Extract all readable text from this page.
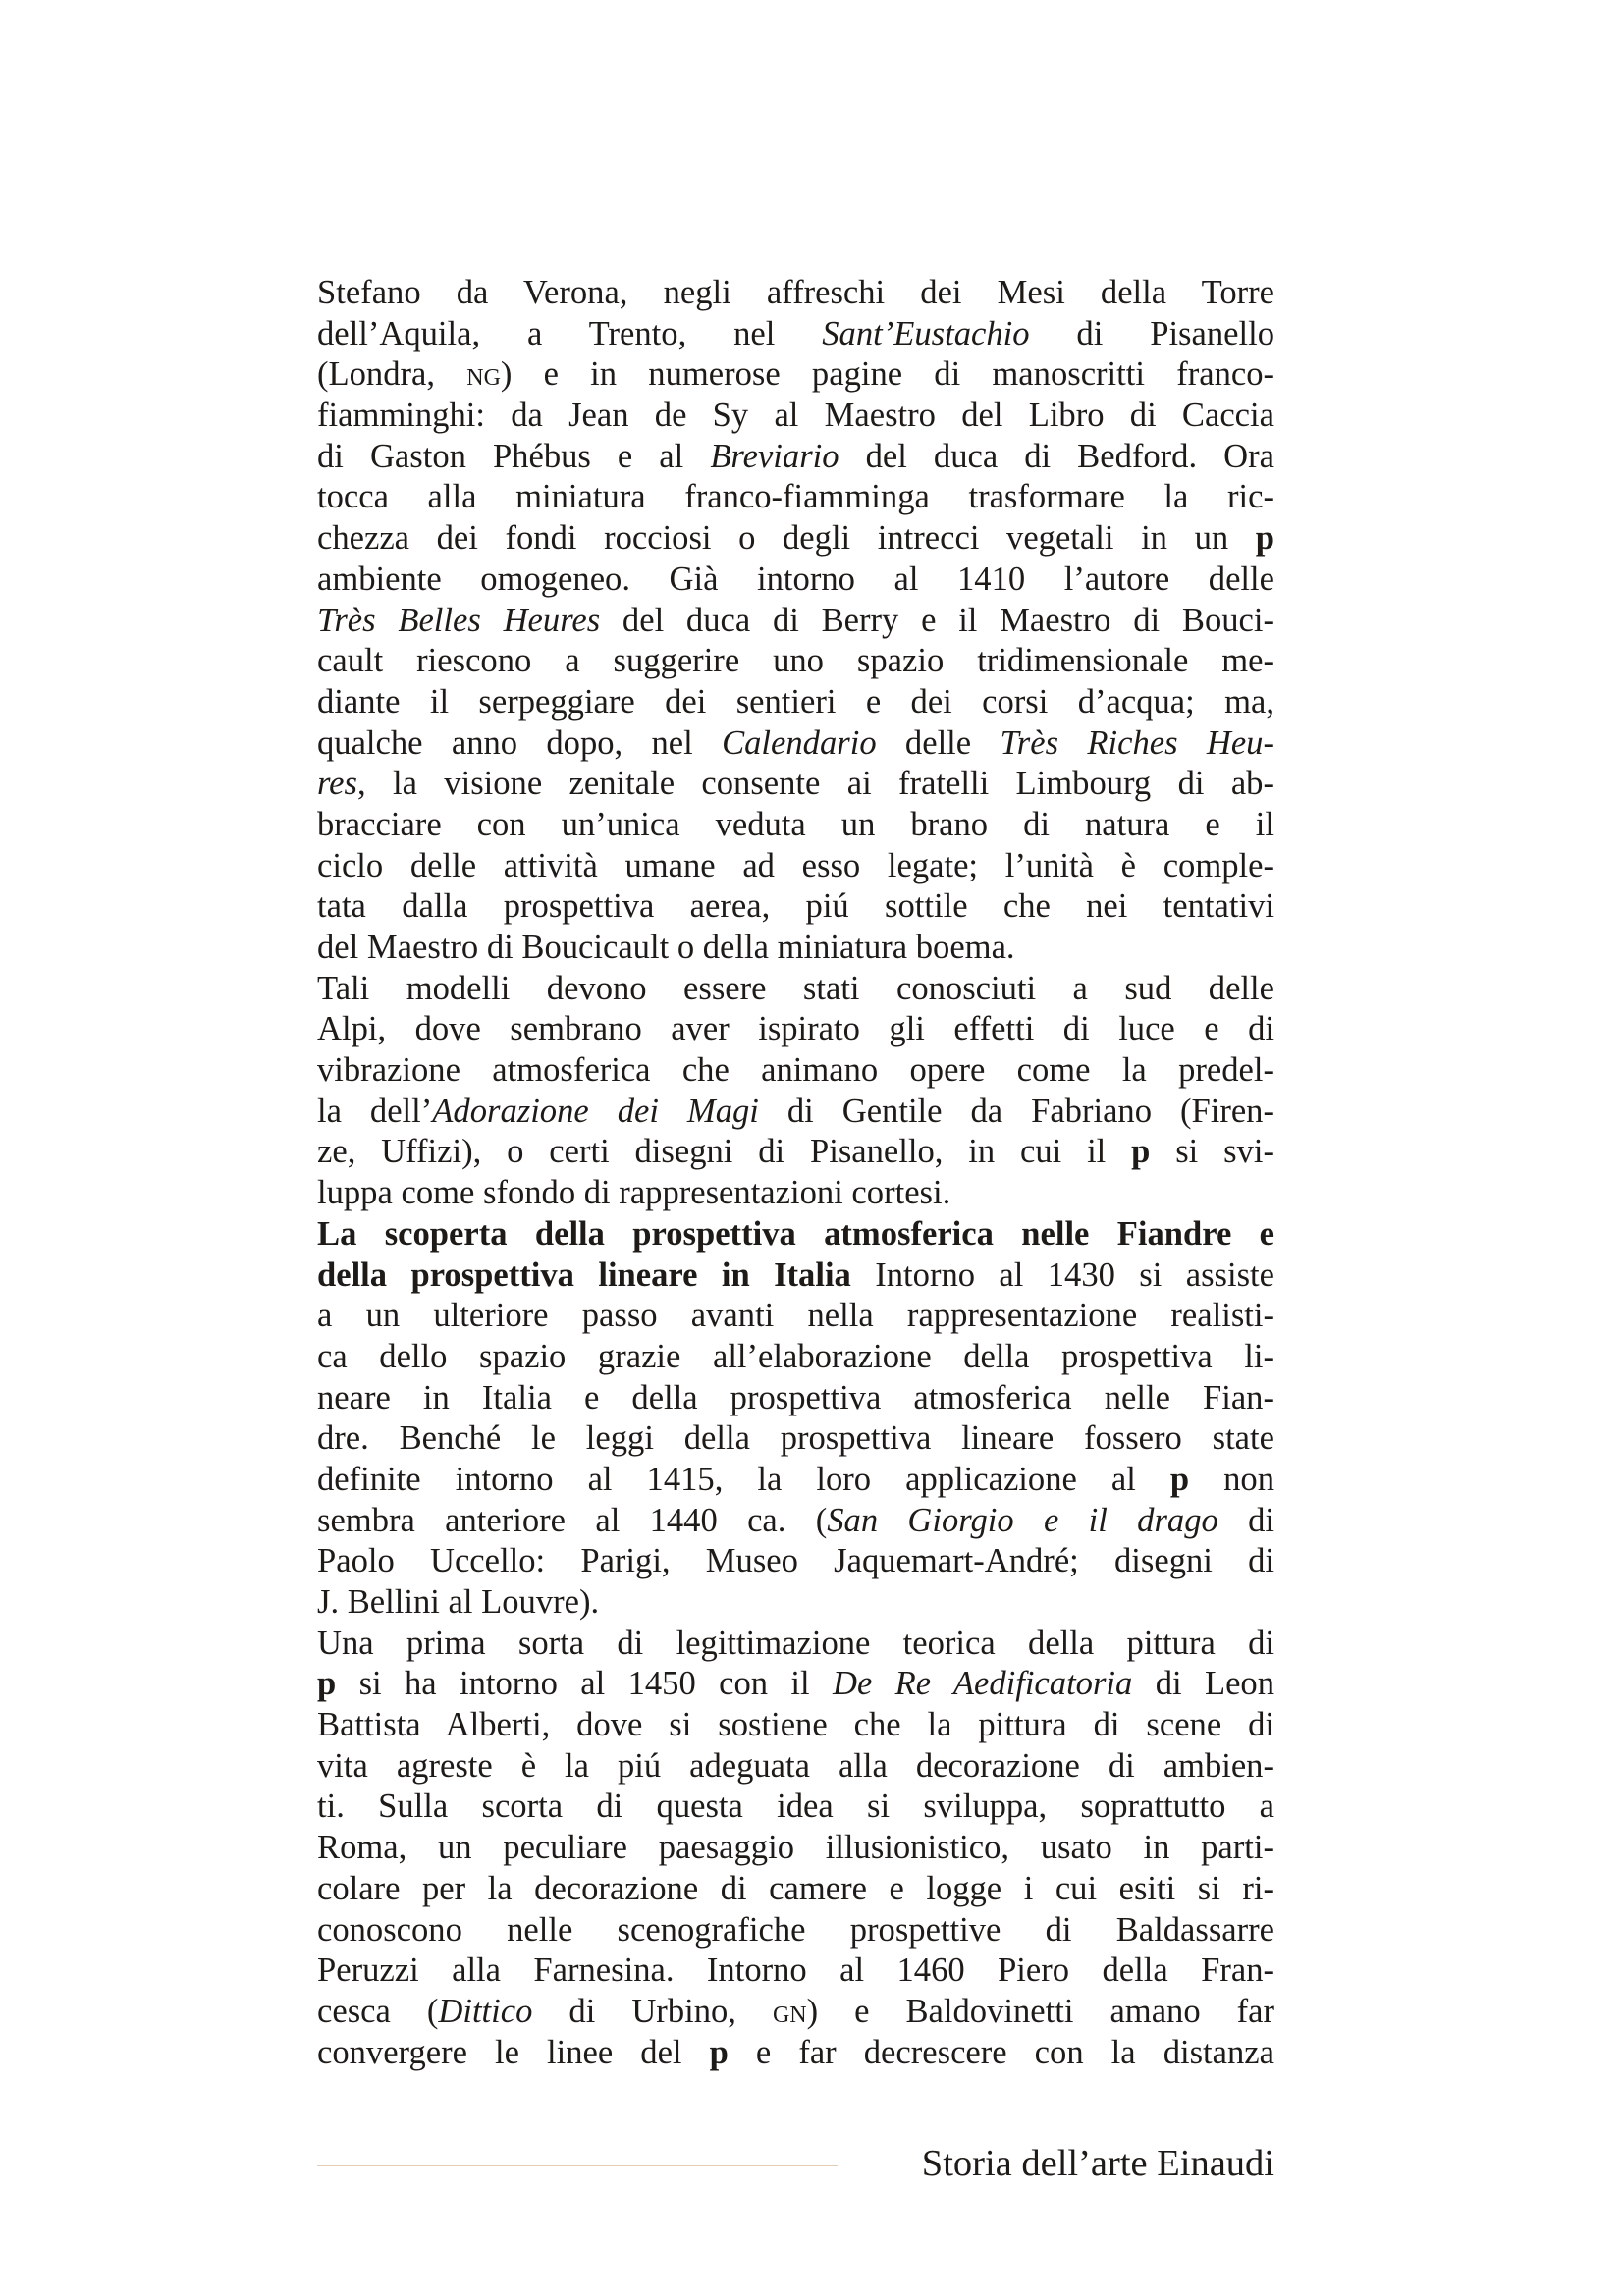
Stefano da Verona, negli affreschi dei Mesi della Torre
dell’Aquila, a Trento, nel Sant’Eustachio di Pisanello
(Londra, ng) e in numerose pagine di manoscritti franco-
fiamminghi: da Jean de Sy al Maestro del Libro di Caccia
di Gaston Phébus e al Breviario del duca di Bedford. Ora
tocca alla miniatura franco-fiamminga trasformare la ric-
chezza dei fondi rocciosi o degli intrecci vegetali in un p
ambiente omogeneo. Già intorno al 1410 l’autore delle
Très Belles Heures del duca di Berry e il Maestro di Bouci-
cault riescono a suggerire uno spazio tridimensionale me-
diante il serpeggiare dei sentieri e dei corsi d’acqua; ma,
qualche anno dopo, nel Calendario delle Très Riches Heu-
res, la visione zenitale consente ai fratelli Limbourg di ab-
bracciare con un’unica veduta un brano di natura e il
ciclo delle attività umane ad esso legate; l’unità è comple-
tata dalla prospettiva aerea, piú sottile che nei tentativi
del Maestro di Boucicault o della miniatura boema.
Tali modelli devono essere stati conosciuti a sud delle
Alpi, dove sembrano aver ispirato gli effetti di luce e di
vibrazione atmosferica che animano opere come la predel-
la dell’Adorazione dei Magi di Gentile da Fabriano (Firen-
ze, Uffizi), o certi disegni di Pisanello, in cui il p si svi-
luppa come sfondo di rappresentazioni cortesi.
La scoperta della prospettiva atmosferica nelle Fiandre e
della prospettiva lineare in Italia Intorno al 1430 si assiste
a un ulteriore passo avanti nella rappresentazione realisti-
ca dello spazio grazie all’elaborazione della prospettiva li-
neare in Italia e della prospettiva atmosferica nelle Fian-
dre. Benché le leggi della prospettiva lineare fossero state
definite intorno al 1415, la loro applicazione al p non
sembra anteriore al 1440 ca. (San Giorgio e il drago di
Paolo Uccello: Parigi, Museo Jaquemart-André; disegni di
J. Bellini al Louvre).
Una prima sorta di legittimazione teorica della pittura di
p si ha intorno al 1450 con il De Re Aedificatoria di Leon
Battista Alberti, dove si sostiene che la pittura di scene di
vita agreste è la piú adeguata alla decorazione di ambien-
ti. Sulla scorta di questa idea si sviluppa, soprattutto a
Roma, un peculiare paesaggio illusionistico, usato in parti-
colare per la decorazione di camere e logge i cui esiti si ri-
conoscono nelle scenografiche prospettive di Baldassarre
Peruzzi alla Farnesina. Intorno al 1460 Piero della Fran-
cesca (Dittico di Urbino, gn) e Baldovinetti amano far
convergere le linee del p e far decrescere con la distanza
Storia dell’arte Einaudi
